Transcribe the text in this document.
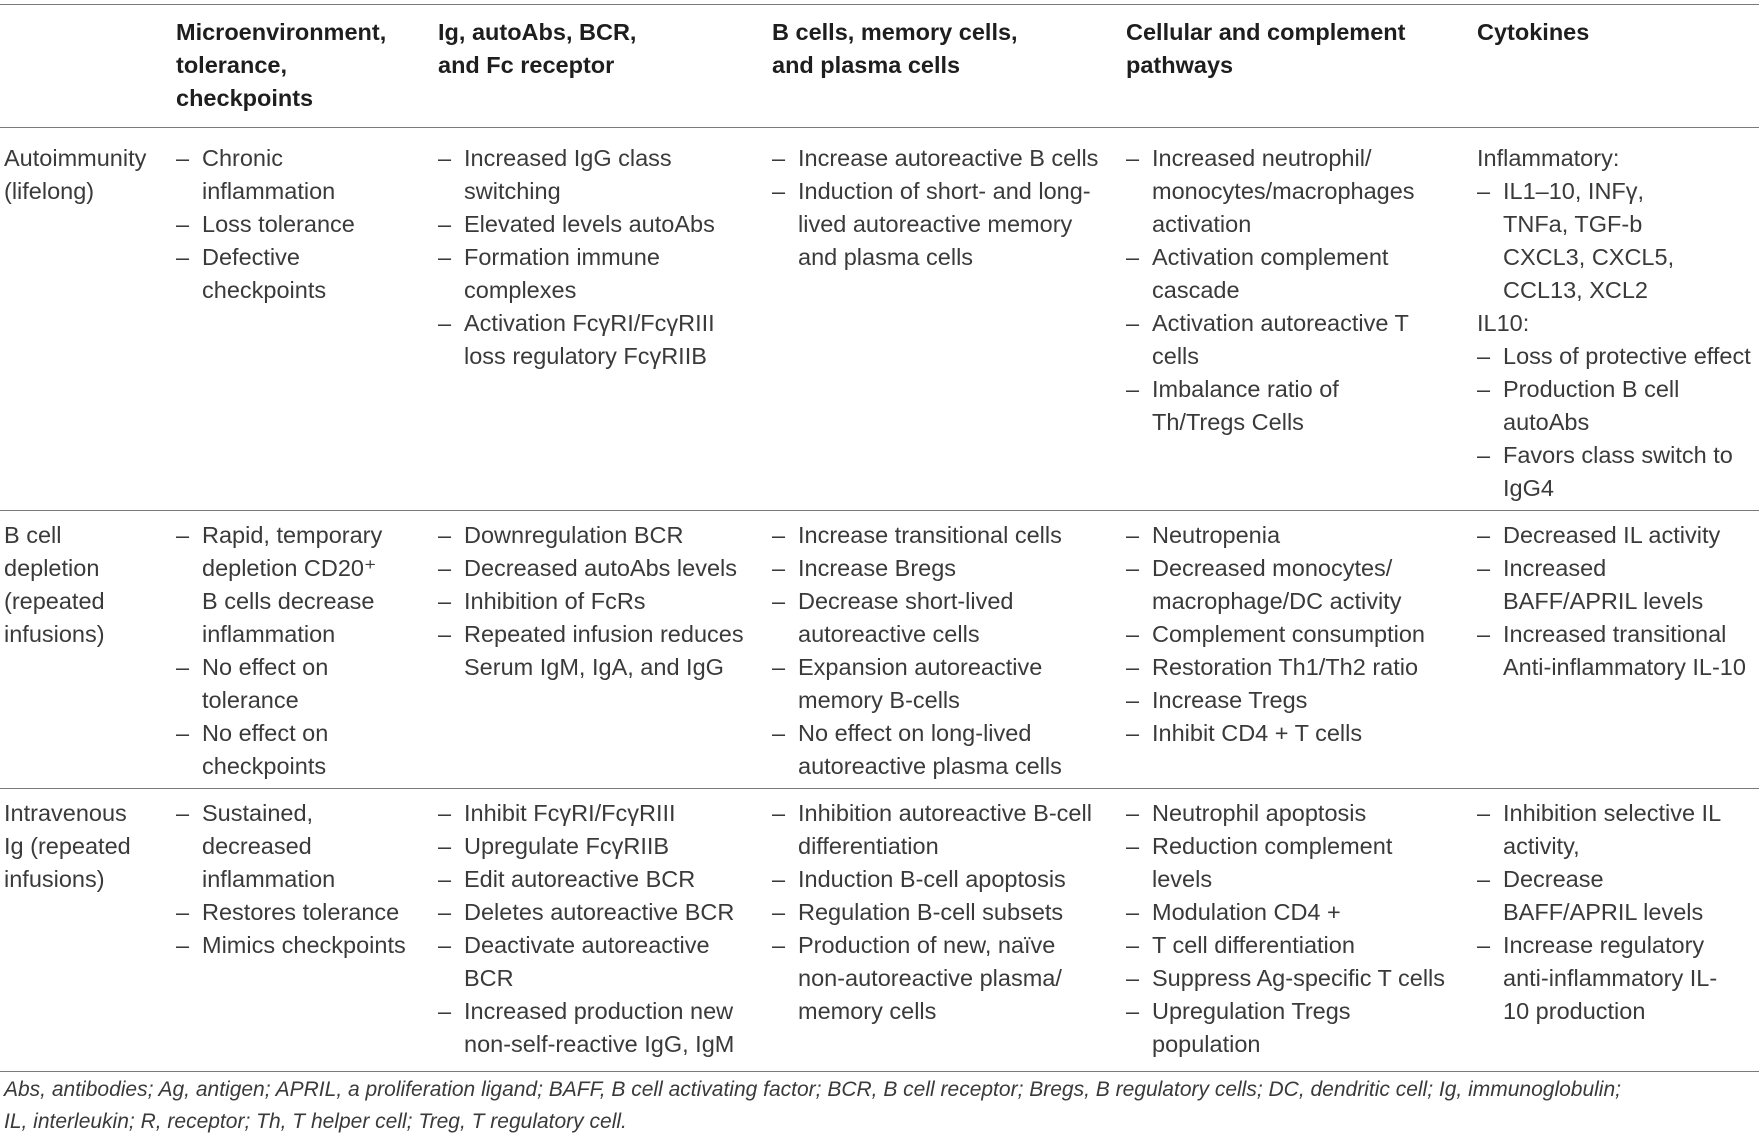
Microenvironment,
tolerance,
checkpoints
Ig, autoAbs, BCR,
and Fc receptor
B cells, memory cells,
and plasma cells
Cellular and complement
pathways
Cytokines
Autoimmunity
(lifelong)
– Chronic inflammation
– Loss tolerance
– Defective checkpoints
– Increased IgG class switching
– Elevated levels autoAbs
– Formation immune complexes
– Activation FcγRI/FcγRIII loss regulatory FcγRIIB
– Increase autoreactive B cells
– Induction of short- and long-lived autoreactive memory and plasma cells
– Increased neutrophil/ monocytes/macrophages activation
– Activation complement cascade
– Activation autoreactive T cells
– Imbalance ratio of Th/Tregs Cells
Inflammatory:
– IL1–10, INFγ, TNFa, TGF-b CXCL3, CXCL5, CCL13, XCL2
IL10:
– Loss of protective effect
– Production B cell autoAbs
– Favors class switch to IgG4
B cell
depletion
(repeated
infusions)
– Rapid, temporary depletion CD20⁺ B cells decrease inflammation
– No effect on tolerance
– No effect on checkpoints
– Downregulation BCR
– Decreased autoAbs levels
– Inhibition of FcRs
– Repeated infusion reduces Serum IgM, IgA, and IgG
– Increase transitional cells
– Increase Bregs
– Decrease short-lived autoreactive cells
– Expansion autoreactive memory B-cells
– No effect on long-lived autoreactive plasma cells
– Neutropenia
– Decreased monocytes/ macrophage/DC activity
– Complement consumption
– Restoration Th1/Th2 ratio
– Increase Tregs
– Inhibit CD4 + T cells
– Decreased IL activity
– Increased BAFF/APRIL levels
– Increased transitional Anti-inflammatory IL-10
Intravenous
Ig (repeated
infusions)
– Sustained, decreased inflammation
– Restores tolerance
– Mimics checkpoints
– Inhibit FcγRI/FcγRIII
– Upregulate FcγRIIB
– Edit autoreactive BCR
– Deletes autoreactive BCR
– Deactivate autoreactive BCR
– Increased production new non-self-reactive IgG, IgM
– Inhibition autoreactive B-cell differentiation
– Induction B-cell apoptosis
– Regulation B-cell subsets
– Production of new, naïve non-autoreactive plasma/ memory cells
– Neutrophil apoptosis
– Reduction complement levels
– Modulation CD4 +
– T cell differentiation
– Suppress Ag-specific T cells
– Upregulation Tregs population
– Inhibition selective IL activity,
– Decrease BAFF/APRIL levels
– Increase regulatory anti-inflammatory IL-10 production
Abs, antibodies; Ag, antigen; APRIL, a proliferation ligand; BAFF, B cell activating factor; BCR, B cell receptor; Bregs, B regulatory cells; DC, dendritic cell; Ig, immunoglobulin;
IL, interleukin; R, receptor; Th, T helper cell; Treg, T regulatory cell.
